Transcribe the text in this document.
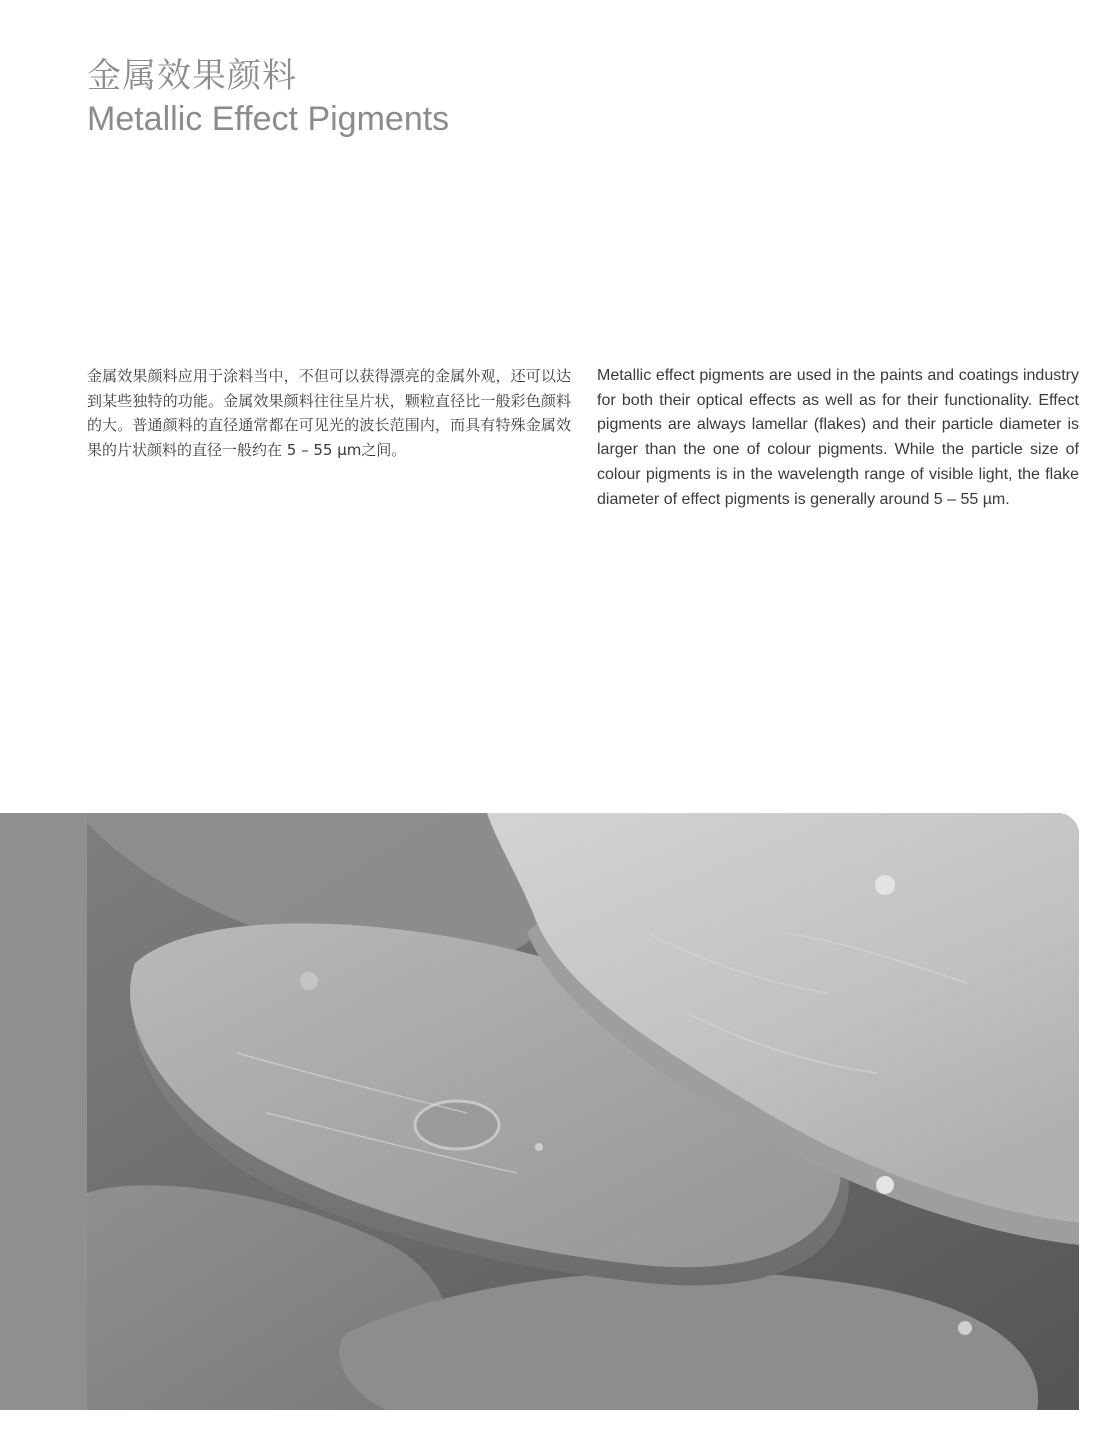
金属效果颜料
Metallic Effect Pigments
金属效果颜料应用于涂料当中，不但可以获得漂亮的金属外观，还可以达到某些独特的功能。金属效果颜料往往呈片状，颗粒直径比一般彩色颜料的大。普通颜料的直径通常都在可见光的波长范围内，而具有特殊金属效果的片状颜料的直径一般约在 5 – 55 µm之间。
Metallic effect pigments are used in the paints and coatings industry for both their optical effects as well as for their functionality. Effect pigments are always lamellar (flakes) and their particle diameter is larger than the one of colour pigments. While the particle size of colour pigments is in the wavelength range of visible light, the flake diameter of effect pigments is generally around 5 – 55 µm.
